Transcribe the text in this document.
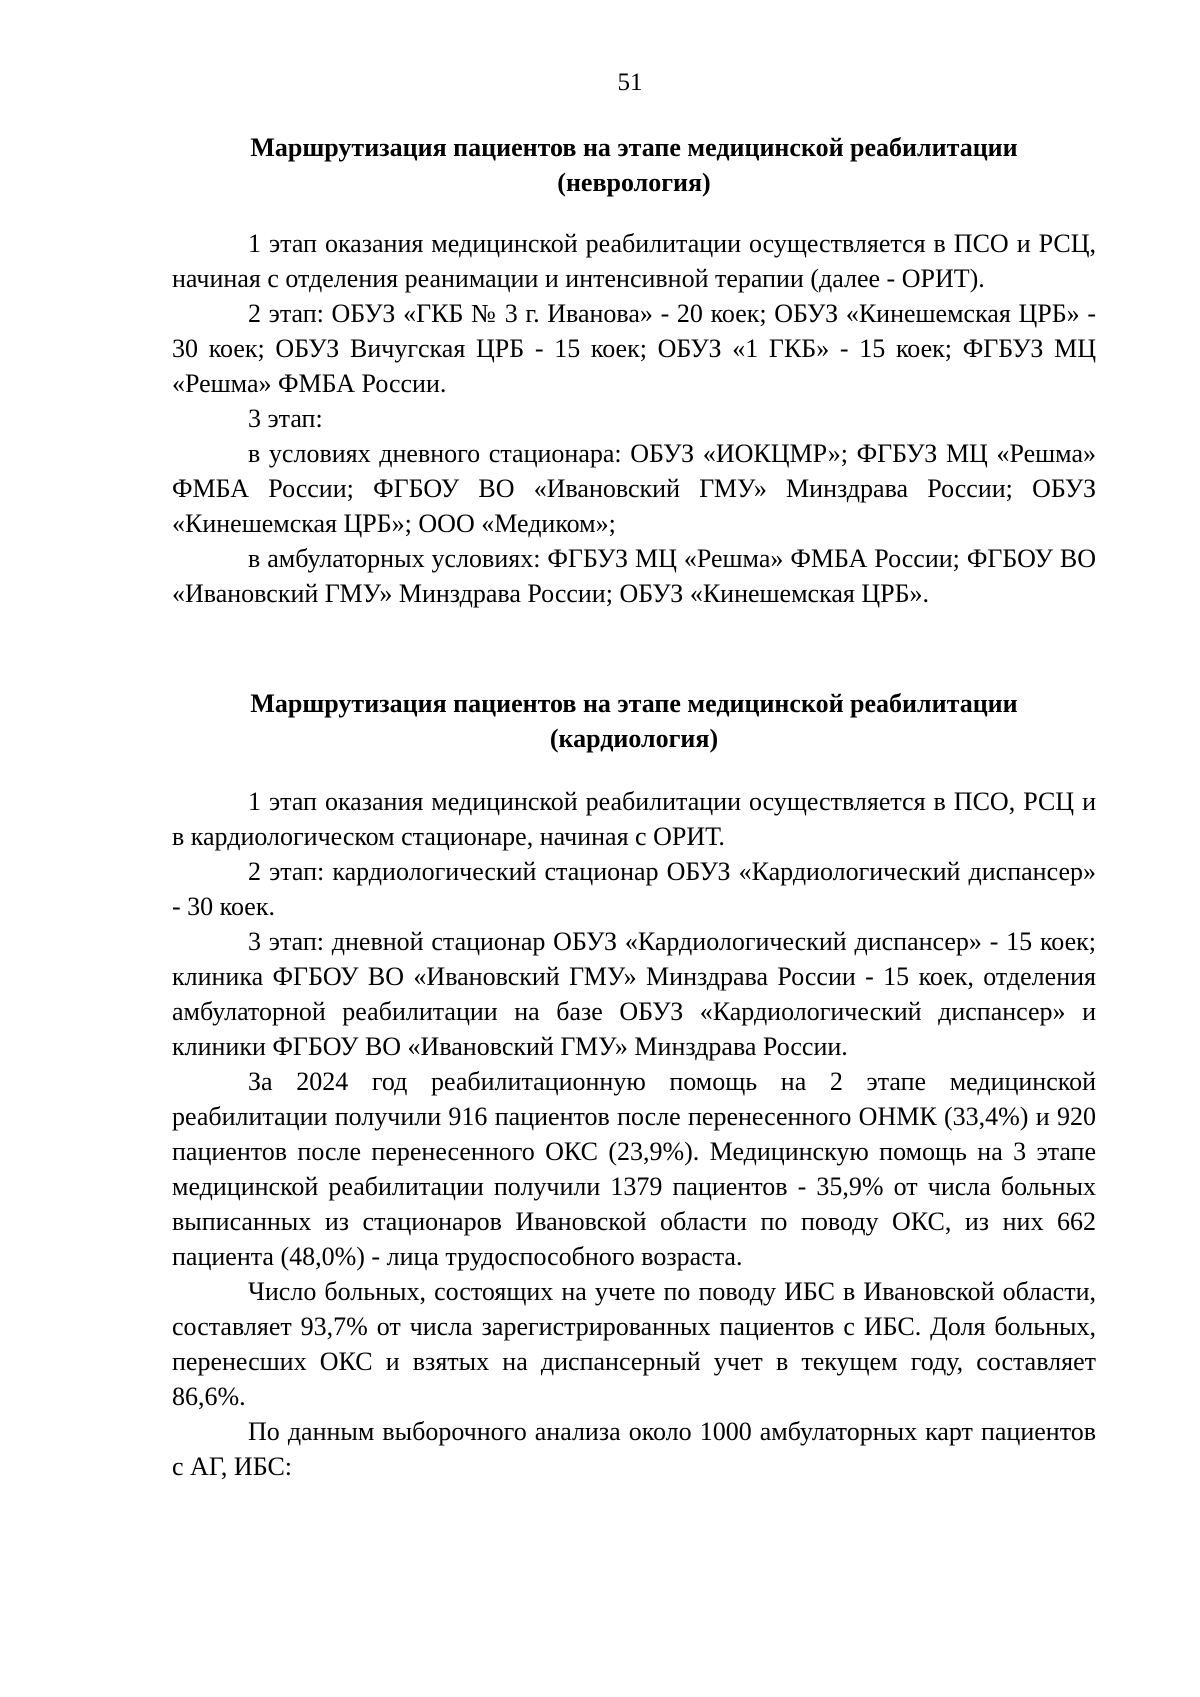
51
Маршрутизация пациентов на этапе медицинской реабилитации
(неврология)

1 этап оказания медицинской реабилитации осуществляется в ПСО и РСЦ, начиная с отделения реанимации и интенсивной терапии (далее - ОРИТ).

2 этап: ОБУЗ «ГКБ № 3 г. Иванова» - 20 коек; ОБУЗ «Кинешемская ЦРБ» - 30 коек; ОБУЗ Вичугская ЦРБ - 15 коек; ОБУЗ «1 ГКБ» - 15 коек; ФГБУЗ МЦ «Решма» ФМБА России.

3 этап:

в условиях дневного стационара: ОБУЗ «ИОКЦМР»; ФГБУЗ МЦ «Решма» ФМБА России; ФГБОУ ВО «Ивановский ГМУ» Минздрава России; ОБУЗ «Кинешемская ЦРБ»; ООО «Медиком»;

в амбулаторных условиях: ФГБУЗ МЦ «Решма» ФМБА России; ФГБОУ ВО «Ивановский ГМУ» Минздрава России; ОБУЗ «Кинешемская ЦРБ».

Маршрутизация пациентов на этапе медицинской реабилитации
(кардиология)

1 этап оказания медицинской реабилитации осуществляется в ПСО, РСЦ и в кардиологическом стационаре, начиная с ОРИТ.

2 этап: кардиологический стационар ОБУЗ «Кардиологический диспансер» - 30 коек.

3 этап: дневной стационар ОБУЗ «Кардиологический диспансер» - 15 коек; клиника ФГБОУ ВО «Ивановский ГМУ» Минздрава России - 15 коек, отделения амбулаторной реабилитации на базе ОБУЗ «Кардиологический диспансер» и клиники ФГБОУ ВО «Ивановский ГМУ» Минздрава России.

За 2024 год реабилитационную помощь на 2 этапе медицинской реабилитации получили 916 пациентов после перенесенного ОНМК (33,4%) и 920 пациентов после перенесенного ОКС (23,9%). Медицинскую помощь на 3 этапе медицинской реабилитации получили 1379 пациентов - 35,9% от числа больных выписанных из стационаров Ивановской области по поводу ОКС, из них 662 пациента (48,0%) - лица трудоспособного возраста.

Число больных, состоящих на учете по поводу ИБС в Ивановской области, составляет 93,7% от числа зарегистрированных пациентов с ИБС. Доля больных, перенесших ОКС и взятых на диспансерный учет в текущем году, составляет 86,6%.

По данным выборочного анализа около 1000 амбулаторных карт пациентов с АГ, ИБС:
